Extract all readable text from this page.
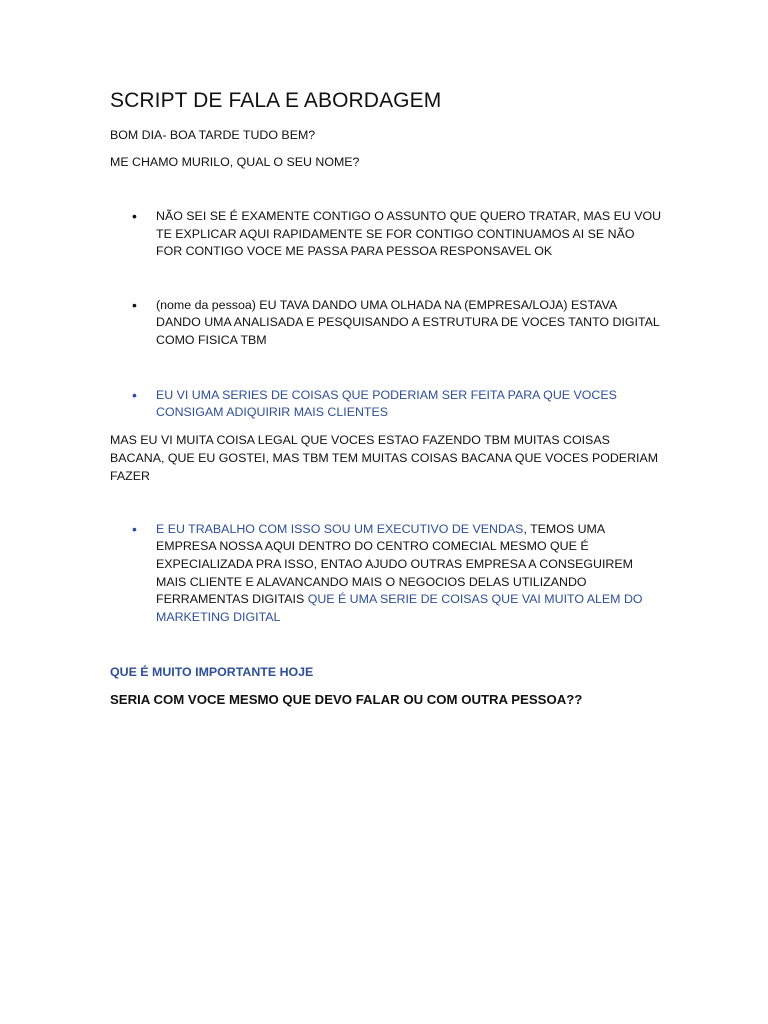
SCRIPT DE FALA E ABORDAGEM
BOM DIA- BOA TARDE TUDO BEM?
ME CHAMO MURILO, QUAL O SEU NOME?
• NÃO SEI SE É EXAMENTE CONTIGO O ASSUNTO QUE QUERO TRATAR, MAS EU VOU TE EXPLICAR AQUI RAPIDAMENTE SE FOR CONTIGO CONTINUAMOS AI SE NÃO FOR CONTIGO VOCE ME PASSA PARA PESSOA RESPONSAVEL OK
• (nome da pessoa) EU TAVA DANDO UMA OLHADA NA (EMPRESA/LOJA) ESTAVA DANDO UMA ANALISADA E PESQUISANDO A ESTRUTURA DE VOCES TANTO DIGITAL COMO FISICA TBM
• EU VI UMA SERIES DE COISAS QUE PODERIAM SER FEITA PARA QUE VOCES CONSIGAM ADIQUIRIR MAIS CLIENTES
MAS EU VI MUITA COISA LEGAL QUE VOCES ESTAO FAZENDO TBM MUITAS COISAS BACANA, QUE EU GOSTEI, MAS TBM TEM MUITAS COISAS BACANA QUE VOCES PODERIAM FAZER
• E EU TRABALHO COM ISSO SOU UM EXECUTIVO DE VENDAS, TEMOS UMA EMPRESA NOSSA AQUI DENTRO DO CENTRO COMECIAL MESMO QUE É EXPECIALIZADA PRA ISSO, ENTAO AJUDO OUTRAS EMPRESA A CONSEGUIREM MAIS CLIENTE E ALAVANCANDO MAIS O NEGOCIOS DELAS UTILIZANDO FERRAMENTAS DIGITAIS QUE É UMA SERIE DE COISAS QUE VAI MUITO ALEM DO MARKETING DIGITAL
QUE É MUITO IMPORTANTE HOJE
SERIA COM VOCE MESMO QUE DEVO FALAR OU COM OUTRA PESSOA??
